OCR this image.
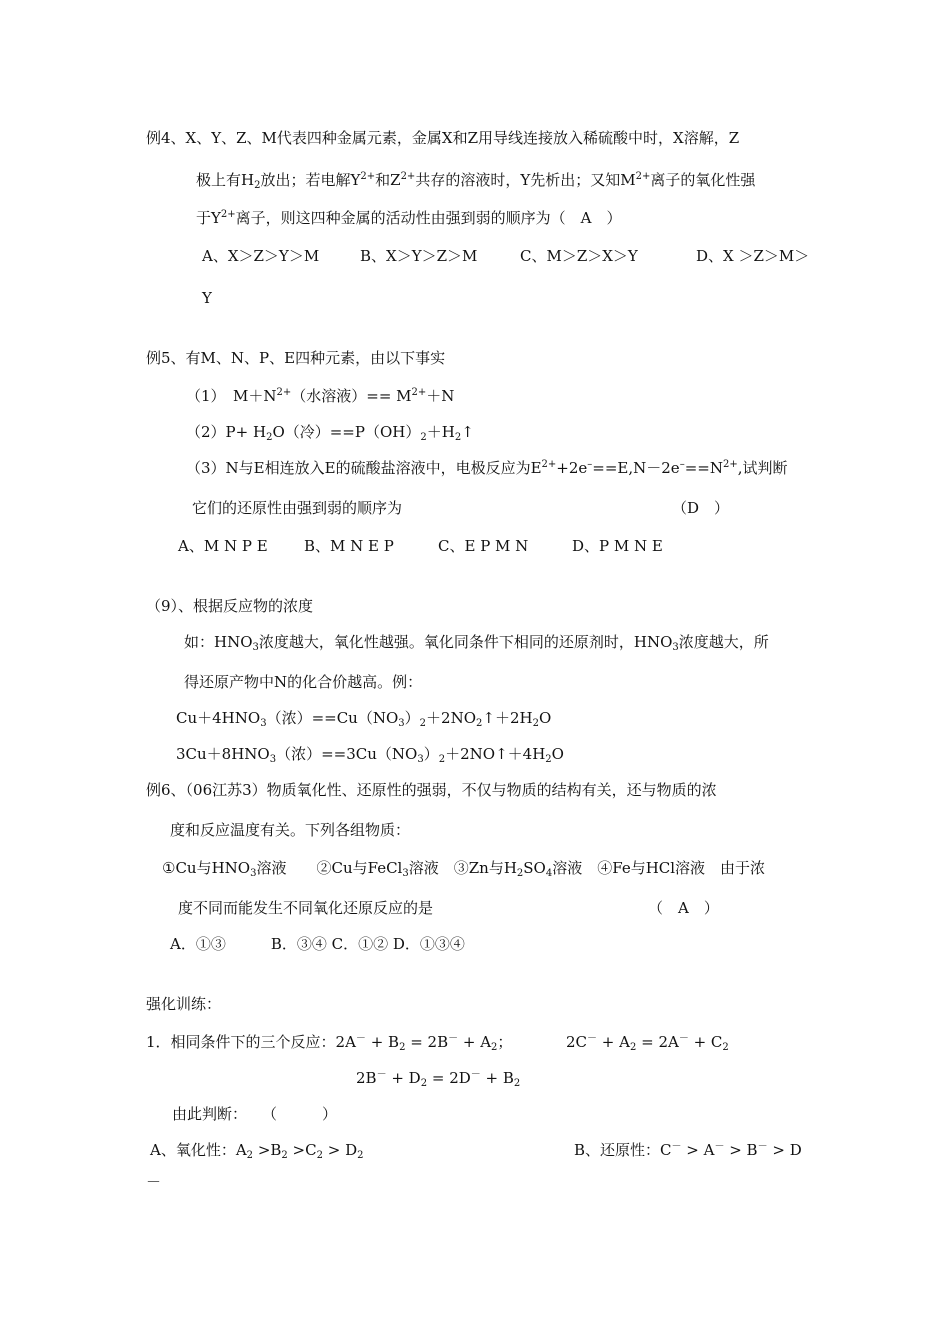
例4、X、Y、Z、M代表四种金属元素，金属X和Z用导线连接放入稀硫酸中时，X溶解，Z
极上有$H_2$放出；若电解$Y^{2+}$和$Z^{2+}$共存的溶液时，Y先析出；又知$M^{2+}$离子的氧化性强
于$Y^{2+}$离子，则这四种金属的活动性由强到弱的顺序为（　A　）
A、X＞Z＞Y＞M	B、X＞Y＞Z＞M	C、M＞Z＞X＞Y	D、X ＞Z＞M＞
Y
例5、有M、N、P、E四种元素，由以下事实
（1）　$M+N^{2+}$（水溶液）== $M^{2+}+N$
$(2)P+ H_2O$（冷）$==P(OH)_2+H_2↑$
（3）N与E相连放入E的硫酸盐溶液中，电极反应为$E^{2+}+2e^-==E,N-2e^-==N^{2+}$,试判断
它们的还原性由强到弱的顺序为	（D　）
A、M N P E B、M N E P	C、E P M N	D、P M N E
（9）、根据反应物的浓度
如：$HNO_3$浓度越大，氧化性越强。氧化同条件下相同的还原剂时，$HNO_3$浓度越大，所
得还原产物中N的化合价越高。例：
$Cu+4HNO_3$（浓）$==Cu(NO_3)_2+2NO_2↑+2H_2O$
$3Cu+8HNO_3$（浓）$==3Cu(NO_3)_2+2NO↑+4H_2O$
例6、（06江苏3）物质氧化性、还原性的强弱，不仅与物质的结构有关，还与物质的浓
度和反应温度有关。下列各组物质：
①Cu与$HNO_3$溶液　　②Cu与FeCl$_3$溶液　③Zn与$H_2SO_4$溶液　④Fe与HCl溶液　由于浓
度不同而能发生不同氧化还原反应的是	（　A　）
A．①③　　　B．③④ C．①② D．①③④
强化训练：
1．相同条件下的三个反应：$2A^- + B_2 = 2B^- + A_2$；	$2C^- + A_2 = 2A^- + C_2$
$2B^- + D_2 = 2D^- + B_2$
由此判断：　　（　　　）
A、氧化性：$A_2 >B_2 >C_2 > D_2$	B、还原性：C－ > A－ > B－ > D
－
